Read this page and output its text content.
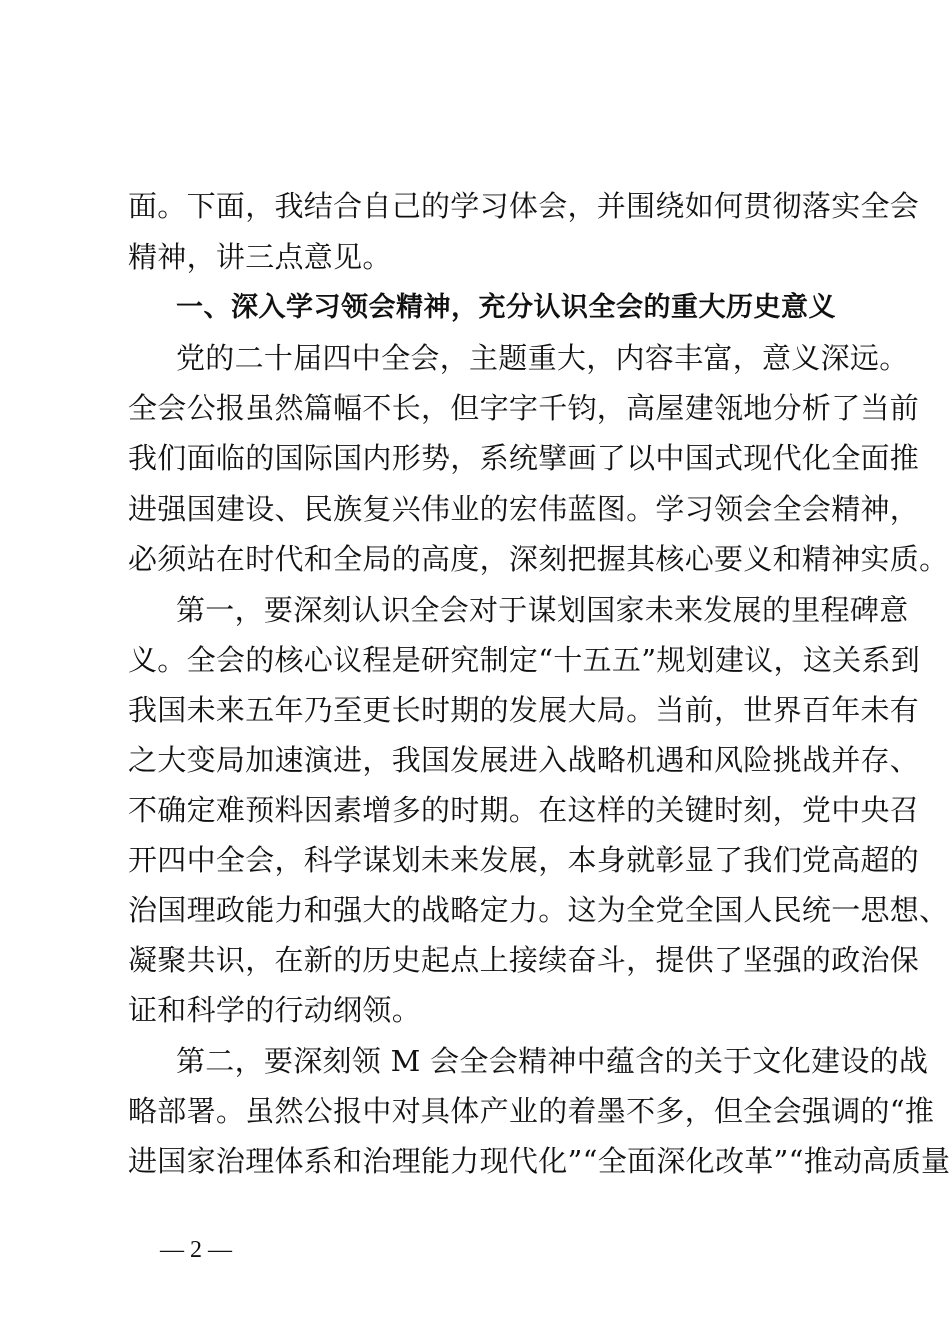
面。下面，我结合自己的学习体会，并围绕如何贯彻落实全会
精神，讲三点意见。
一、深入学习领会精神，充分认识全会的重大历史意义
党的二十届四中全会，主题重大，内容丰富，意义深远。
全会公报虽然篇幅不长，但字字千钧，高屋建瓴地分析了当前
我们面临的国际国内形势，系统擘画了以中国式现代化全面推
进强国建设、民族复兴伟业的宏伟蓝图。学习领会全会精神，
必须站在时代和全局的高度，深刻把握其核心要义和精神实质。
第一，要深刻认识全会对于谋划国家未来发展的里程碑意
义。全会的核心议程是研究制定“十五五”规划建议，这关系到
我国未来五年乃至更长时期的发展大局。当前，世界百年未有
之大变局加速演进，我国发展进入战略机遇和风险挑战并存、
不确定难预料因素增多的时期。在这样的关键时刻，党中央召
开四中全会，科学谋划未来发展，本身就彰显了我们党高超的
治国理政能力和强大的战略定力。这为全党全国人民统一思想、
凝聚共识，在新的历史起点上接续奋斗，提供了坚强的政治保
证和科学的行动纲领。
第二，要深刻领 M 会全会精神中蕴含的关于文化建设的战
略部署。虽然公报中对具体产业的着墨不多，但全会强调的“推
进国家治理体系和治理能力现代化”“全面深化改革”“推动高质量
— 2 —
